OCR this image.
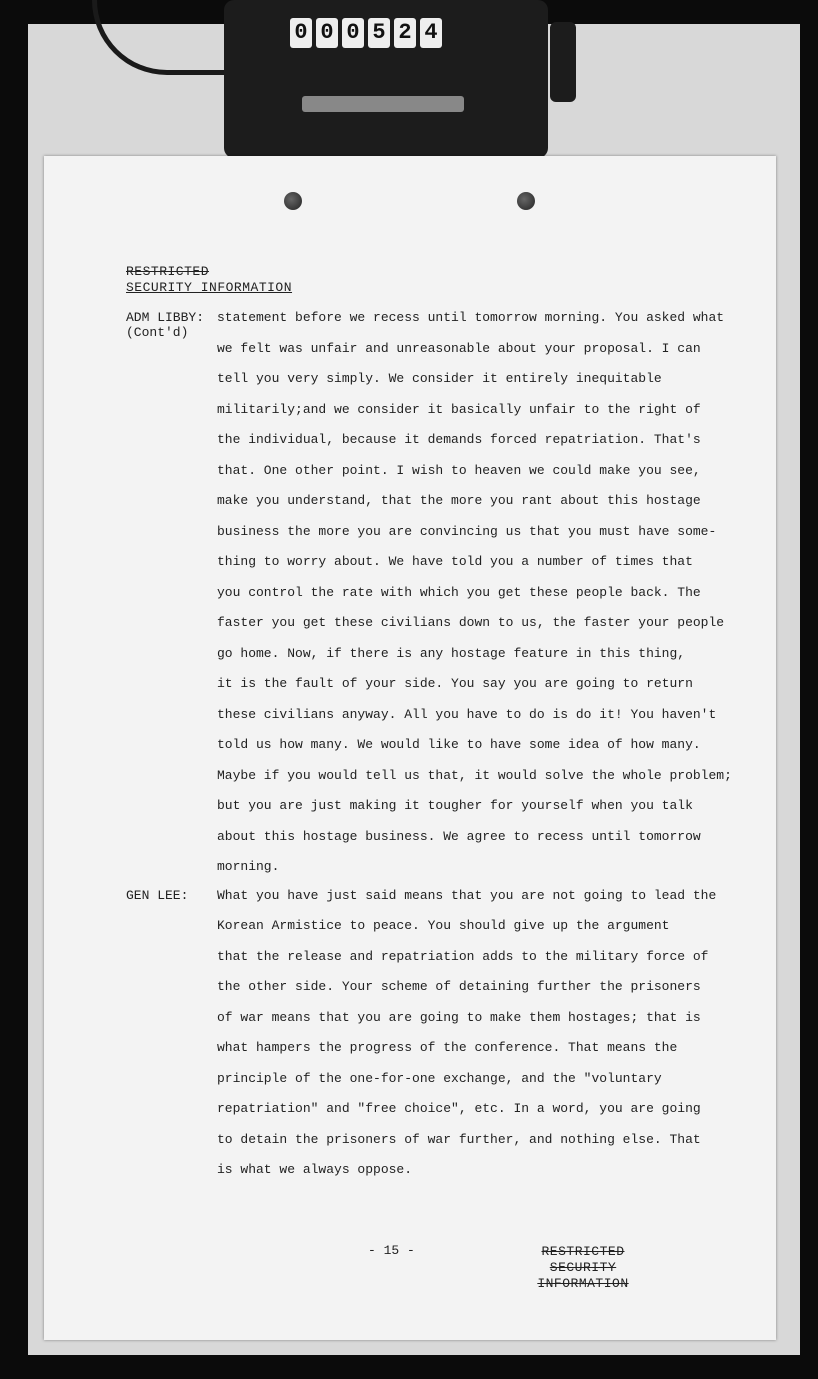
0 0 0 5 2 4
RESTRICTED
SECURITY INFORMATION
ADM LIBBY:
(Cont'd)
statement before we recess until tomorrow morning. You asked what
we felt was unfair and unreasonable about your proposal. I can
tell you very simply. We consider it entirely inequitable
militarily;and we consider it basically unfair to the right of
the individual, because it demands forced repatriation. That's
that. One other point. I wish to heaven we could make you see,
make you understand, that the more you rant about this hostage
business the more you are convincing us that you must have some-
thing to worry about. We have told you a number of times that
you control the rate with which you get these people back. The
faster you get these civilians down to us, the faster your people
go home. Now, if there is any hostage feature in this thing,
it is the fault of your side. You say you are going to return
these civilians anyway. All you have to do is do it! You haven't
told us how many. We would like to have some idea of how many.
Maybe if you would tell us that, it would solve the whole problem;
but you are just making it tougher for yourself when you talk
about this hostage business. We agree to recess until tomorrow
morning.
GEN LEE: What you have just said means that you are not going to lead the
Korean Armistice to peace. You should give up the argument
that the release and repatriation adds to the military force of
the other side. Your scheme of detaining further the prisoners
of war means that you are going to make them hostages; that is
what hampers the progress of the conference. That means the
principle of the one-for-one exchange, and the "voluntary
repatriation" and "free choice", etc. In a word, you are going
to detain the prisoners of war further, and nothing else. That
is what we always oppose.
- 15 -	RESTRICTED
SECURITY INFORMATION
